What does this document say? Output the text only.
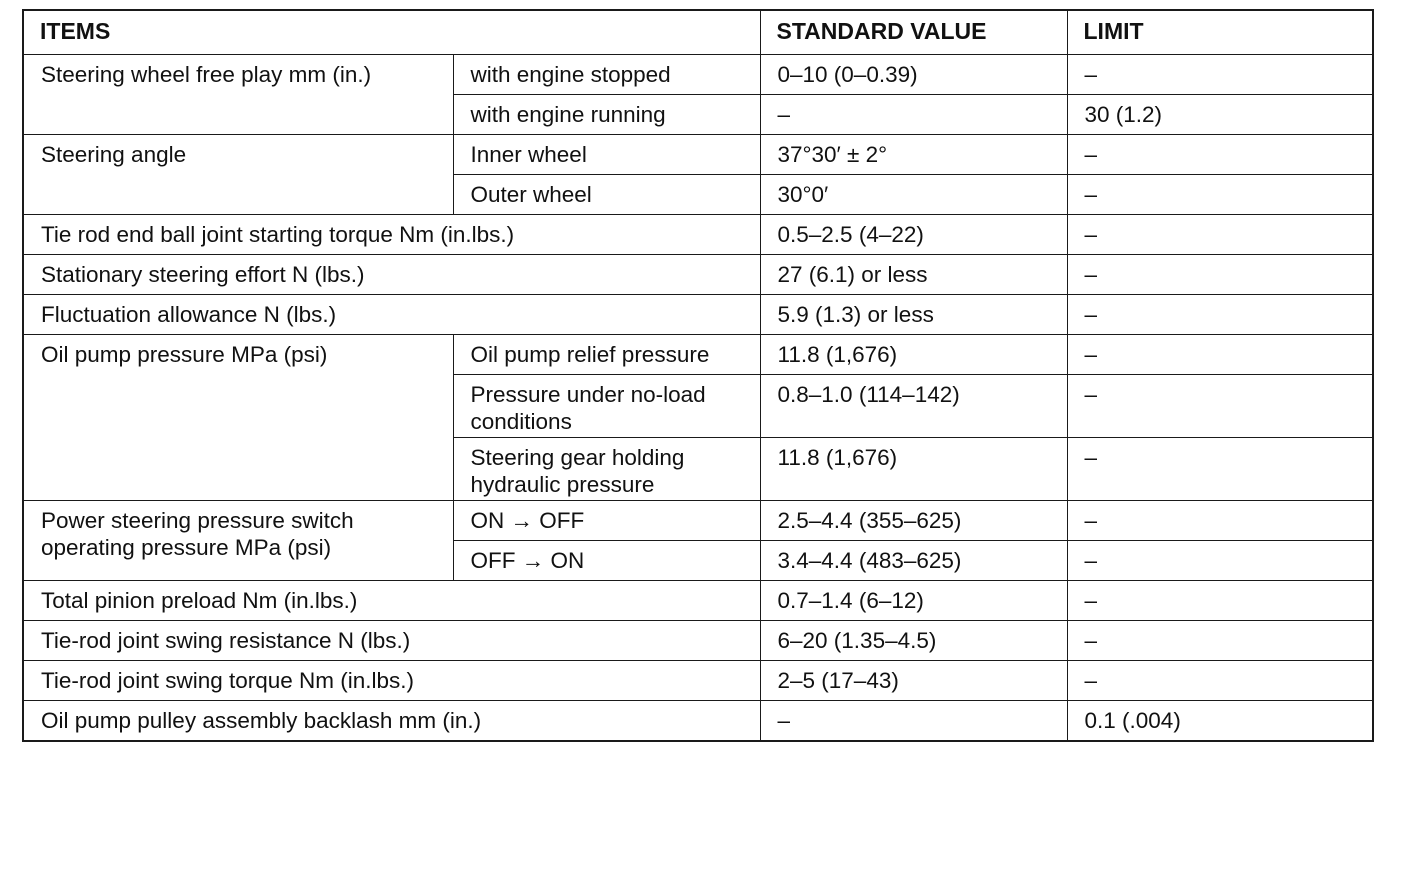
ITEMS		STANDARD VALUE	LIMIT
Steering wheel free play mm (in.)	with engine stopped	0–10 (0–0.39)	–
	with engine running	–	30 (1.2)
Steering angle	Inner wheel	37°30′ ± 2°	–
	Outer wheel	30°0′	–
Tie rod end ball joint starting torque Nm (in.lbs.)		0.5–2.5 (4–22)	–
Stationary steering effort N (lbs.)		27 (6.1) or less	–
Fluctuation allowance N (lbs.)		5.9 (1.3) or less	–
Oil pump pressure MPa (psi)	Oil pump relief pressure	11.8 (1,676)	–
	Pressure under no-load conditions	0.8–1.0 (114–142)	–
	Steering gear holding hydraulic pressure	11.8 (1,676)	–
Power steering pressure switch operating pressure MPa (psi)	ON → OFF	2.5–4.4 (355–625)	–
	OFF → ON	3.4–4.4 (483–625)	–
Total pinion preload Nm (in.lbs.)		0.7–1.4 (6–12)	–
Tie-rod joint swing resistance N (lbs.)		6–20 (1.35–4.5)	–
Tie-rod joint swing torque Nm (in.lbs.)		2–5 (17–43)	–
Oil pump pulley assembly backlash mm (in.)		–	0.1 (.004)
